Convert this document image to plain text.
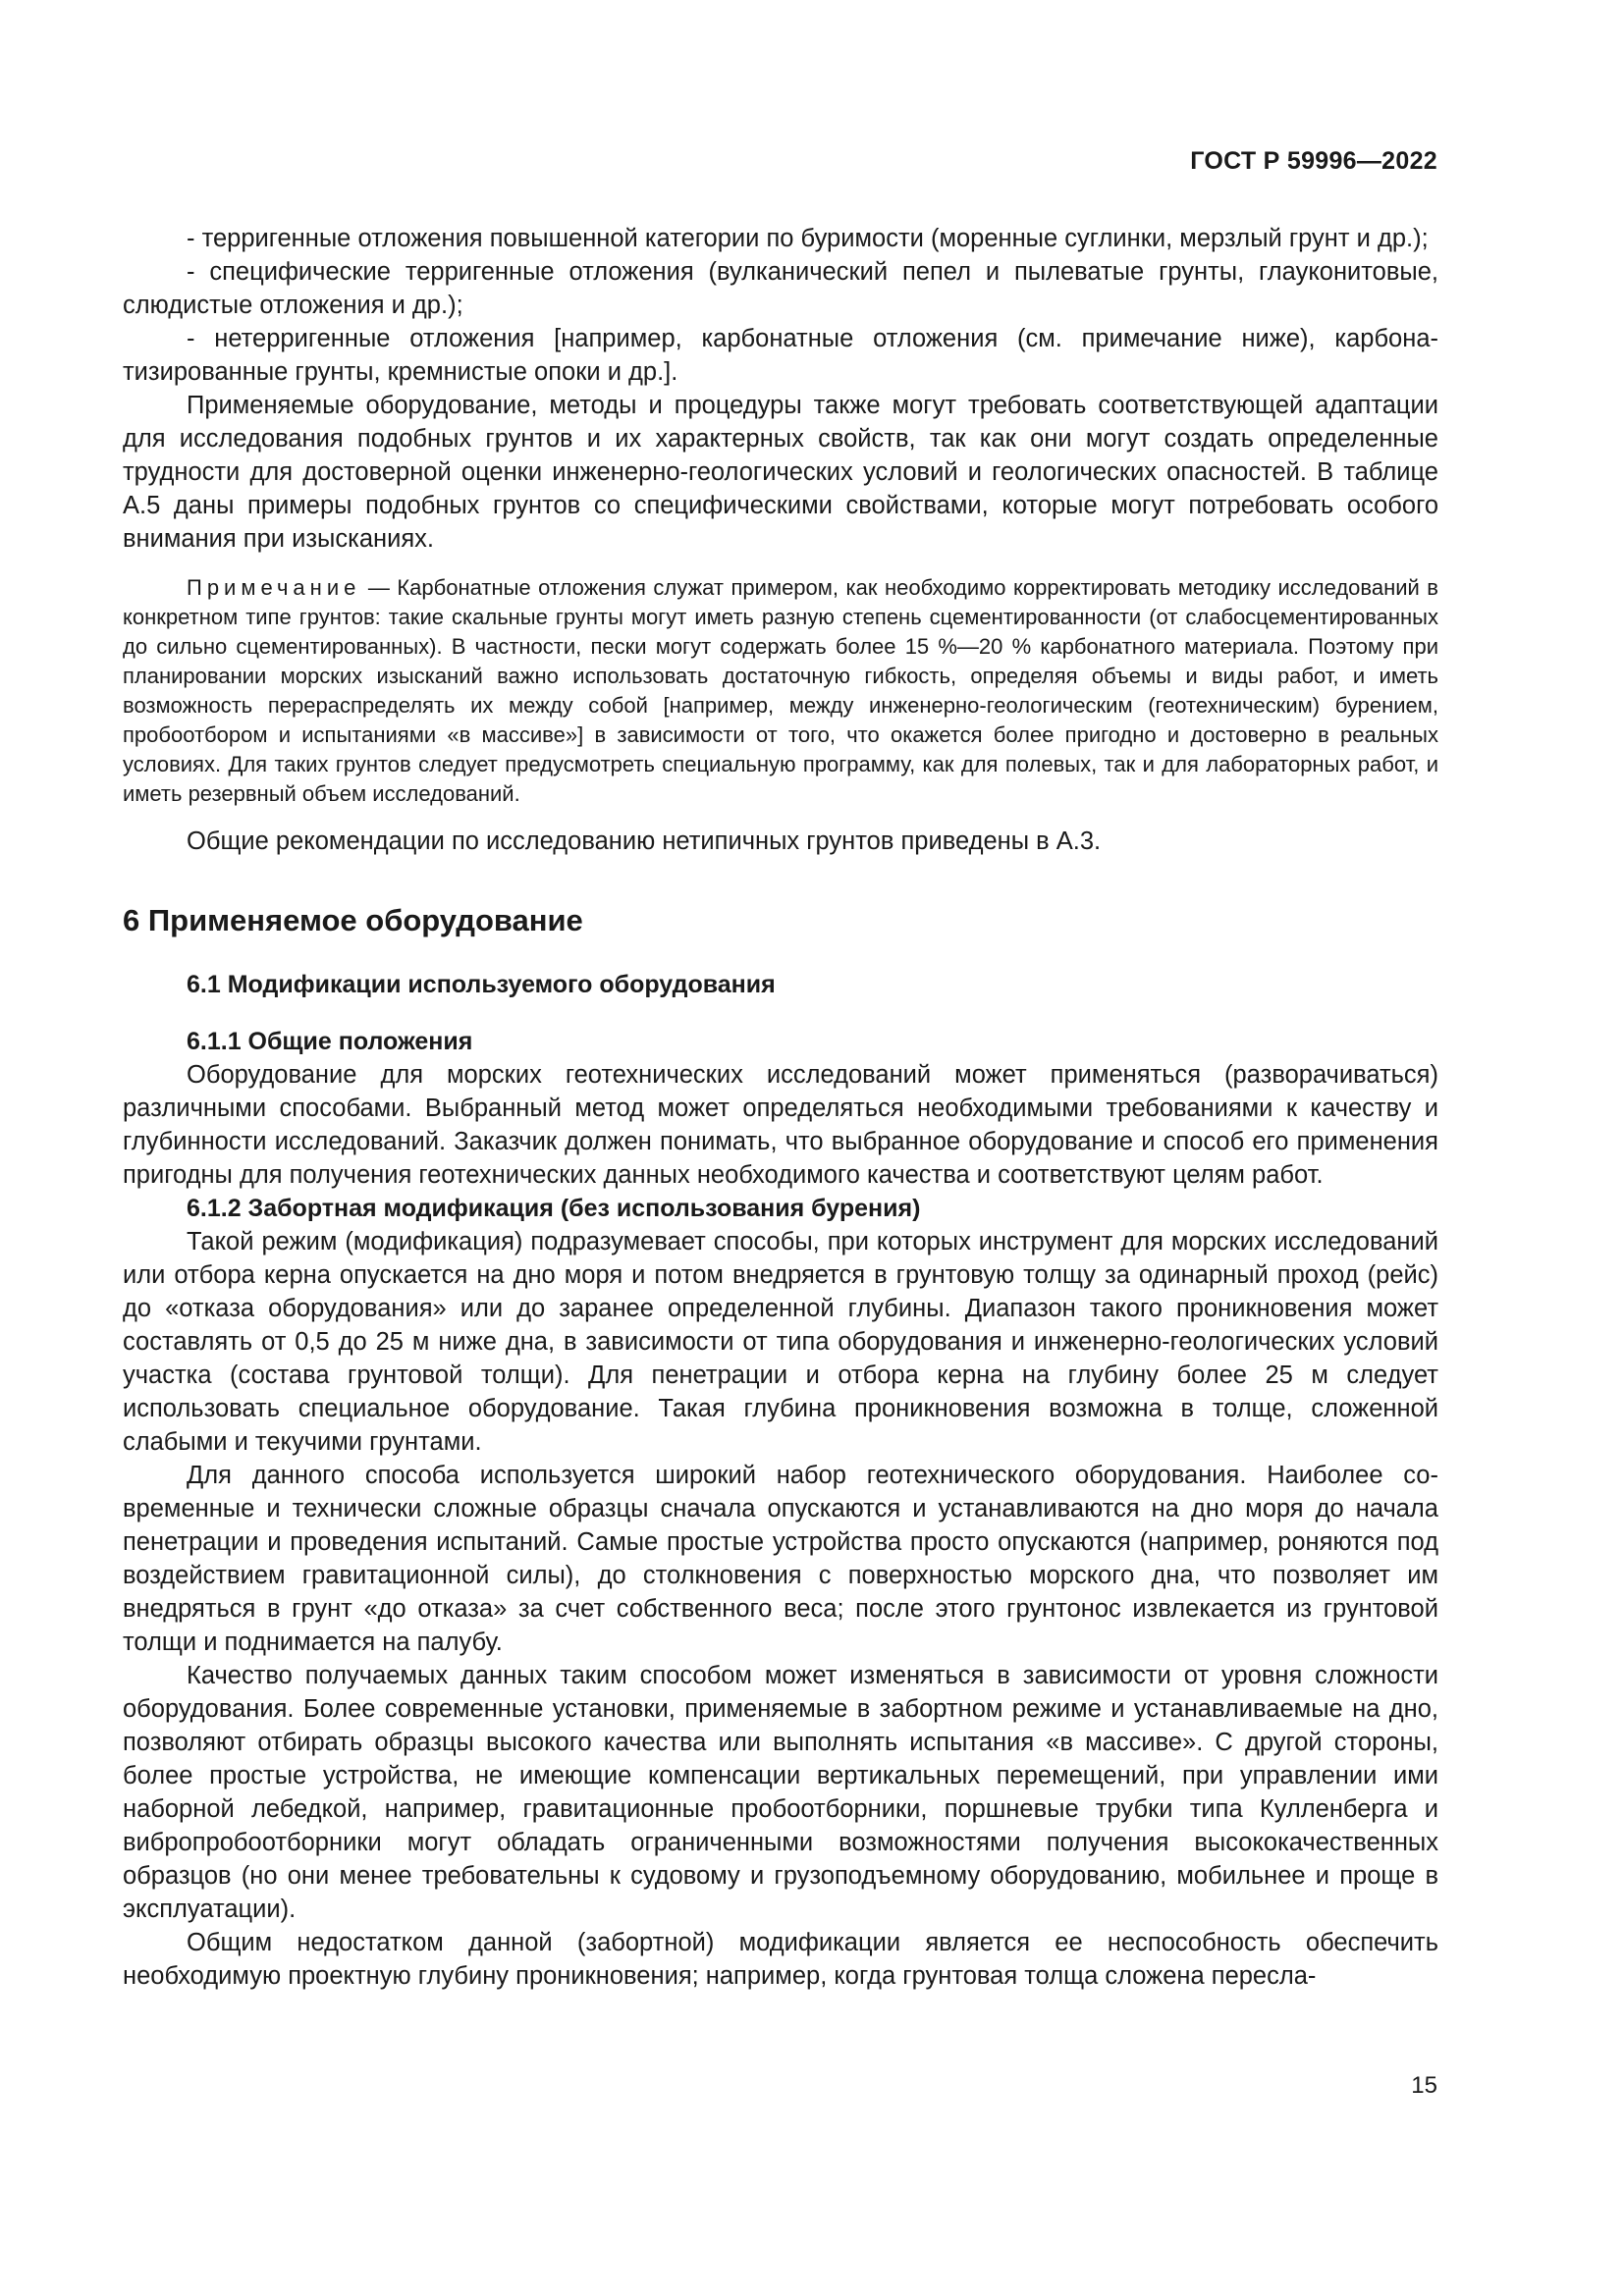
ГОСТ Р 59996—2022

- терригенные отложения повышенной категории по буримости (моренные суглинки, мерзлый грунт и др.);

- специфические терригенные отложения (вулканический пепел и пылеватые грунты, глауконитовые, слюдистые отложения и др.);

- нетерригенные отложения [например, карбонатные отложения (см. примечание ниже), карбонатизированные грунты, кремнистые опоки и др.].

Применяемые оборудование, методы и процедуры также могут требовать соответствующей адаптации для исследования подобных грунтов и их характерных свойств, так как они могут создать определенные трудности для достоверной оценки инженерно-геологических условий и геологических опасностей. В таблице А.5 даны примеры подобных грунтов со специфическими свойствами, которые могут потребовать особого внимания при изысканиях.

Примечание — Карбонатные отложения служат примером, как необходимо корректировать методику исследований в конкретном типе грунтов: такие скальные грунты могут иметь разную степень сцементированности (от слабосцементированных до сильно сцементированных). В частности, пески могут содержать более 15 %—20 % карбонатного материала. Поэтому при планировании морских изысканий важно использовать достаточную гибкость, определяя объемы и виды работ, и иметь возможность перераспределять их между собой [например, между инженерно-геологическим (геотехническим) бурением, пробоотбором и испытаниями «в массиве»] в зависимости от того, что окажется более пригодно и достоверно в реальных условиях. Для таких грунтов следует предусмотреть специальную программу, как для полевых, так и для лабораторных работ, и иметь резервный объем исследований.

Общие рекомендации по исследованию нетипичных грунтов приведены в А.3.

6 Применяемое оборудование
6.1 Модификации используемого оборудования
6.1.1 Общие положения

Оборудование для морских геотехнических исследований может применяться (разворачиваться) различными способами. Выбранный метод может определяться необходимыми требованиями к качеству и глубинности исследований. Заказчик должен понимать, что выбранное оборудование и способ его применения пригодны для получения геотехнических данных необходимого качества и соответствуют целям работ.

6.1.2 Забортная модификация (без использования бурения)

Такой режим (модификация) подразумевает способы, при которых инструмент для морских исследований или отбора керна опускается на дно моря и потом внедряется в грунтовую толщу за одинарный проход (рейс) до «отказа оборудования» или до заранее определенной глубины. Диапазон такого проникновения может составлять от 0,5 до 25 м ниже дна, в зависимости от типа оборудования и инженерно-геологических условий участка (состава грунтовой толщи). Для пенетрации и отбора керна на глубину более 25 м следует использовать специальное оборудование. Такая глубина проникновения возможна в толще, сложенной слабыми и текучими грунтами.

Для данного способа используется широкий набор геотехнического оборудования. Наиболее современные и технически сложные образцы сначала опускаются и устанавливаются на дно моря до начала пенетрации и проведения испытаний. Самые простые устройства просто опускаются (например, роняются под воздействием гравитационной силы), до столкновения с поверхностью морского дна, что позволяет им внедряться в грунт «до отказа» за счет собственного веса; после этого грунтонос извлекается из грунтовой толщи и поднимается на палубу.

Качество получаемых данных таким способом может изменяться в зависимости от уровня сложности оборудования. Более современные установки, применяемые в забортном режиме и устанавливаемые на дно, позволяют отбирать образцы высокого качества или выполнять испытания «в массиве». С другой стороны, более простые устройства, не имеющие компенсации вертикальных перемещений, при управлении ими наборной лебедкой, например, гравитационные пробоотборники, поршневые трубки типа Кулленберга и вибропробоотборники могут обладать ограниченными возможностями получения высококачественных образцов (но они менее требовательны к судовому и грузоподъемному оборудованию, мобильнее и проще в эксплуатации).

Общим недостатком данной (забортной) модификации является ее неспособность обеспечить необходимую проектную глубину проникновения; например, когда грунтовая толща сложена пересла-

15
